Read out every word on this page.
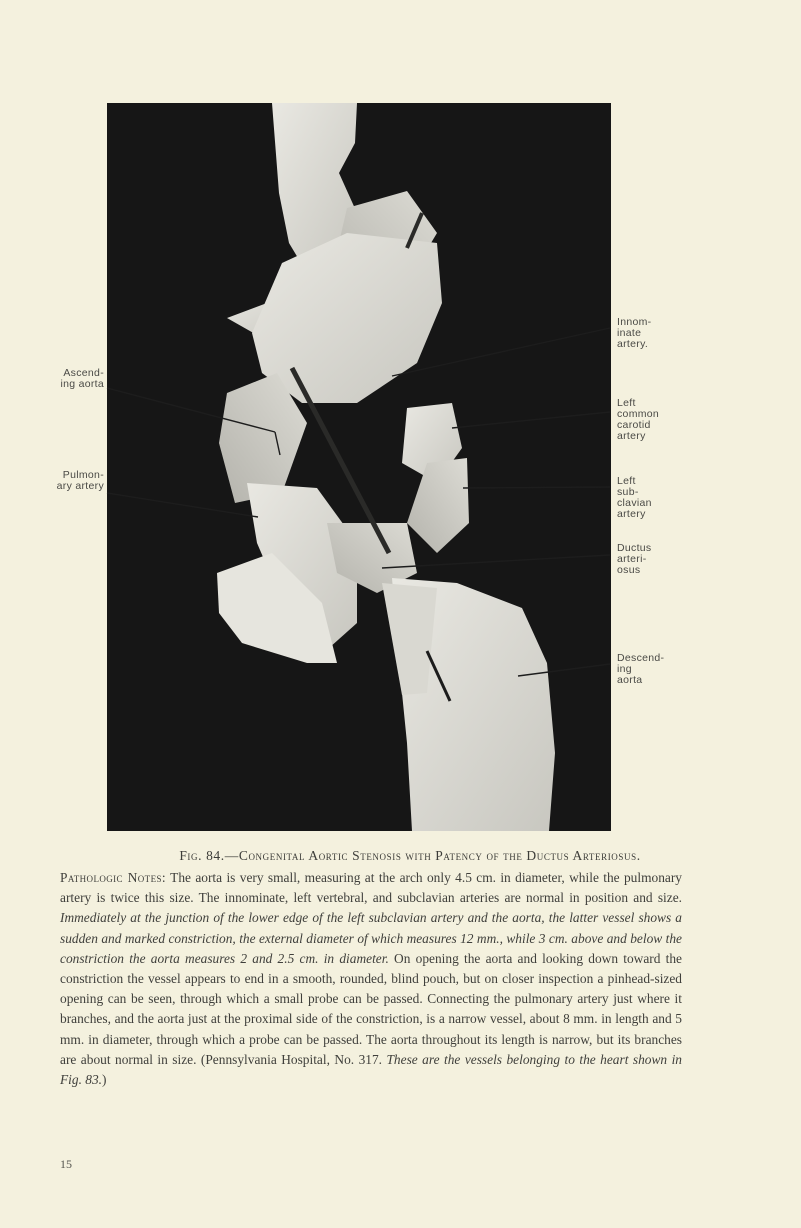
Ascend-
ing aorta
Pulmon-
ary artery
Innom-
inate
artery.
Left
common
carotid
artery
Left
sub-
clavian
artery
Ductus
arteri-
osus
Descend-
ing
aorta
Fig. 84.—Congenital Aortic Stenosis with Patency of the Ductus Arteriosus.
Pathologic Notes: The aorta is very small, measuring at the arch only 4.5 cm. in diameter, while the pulmonary artery is twice this size. The innominate, left vertebral, and subclavian arteries are normal in position and size. Immediately at the junction of the lower edge of the left subclavian artery and the aorta, the latter vessel shows a sudden and marked constriction, the external diameter of which measures 12 mm., while 3 cm. above and below the constriction the aorta measures 2 and 2.5 cm. in diameter. On opening the aorta and looking down toward the constriction the vessel appears to end in a smooth, rounded, blind pouch, but on closer inspection a pinhead-sized opening can be seen, through which a small probe can be passed. Connecting the pulmonary artery just where it branches, and the aorta just at the proximal side of the constriction, is a narrow vessel, about 8 mm. in length and 5 mm. in diameter, through which a probe can be passed. The aorta throughout its length is narrow, but its branches are about normal in size. (Pennsylvania Hospital, No. 317. These are the vessels belonging to the heart shown in Fig. 83.)
15
